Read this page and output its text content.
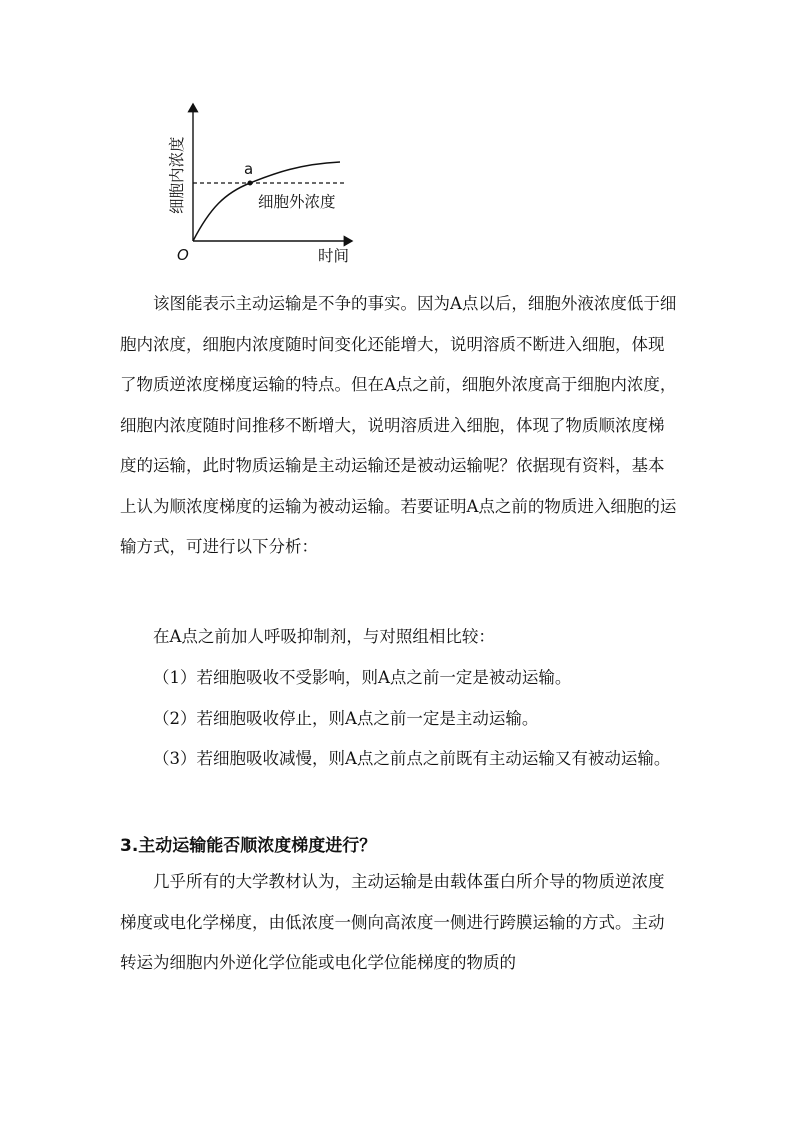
a
细胞外浓度
O	时间
细胞内浓度
该图能表示主动运输是不争的事实。因为A点以后，细胞外液浓度低于细胞内浓度，细胞内浓度随时间变化还能增大，说明溶质不断进入细胞，体现了物质逆浓度梯度运输的特点。但在A点之前，细胞外浓度高于细胞内浓度，细胞内浓度随时间推移不断增大，说明溶质进入细胞，体现了物质顺浓度梯度的运输，此时物质运输是主动运输还是被动运输呢？依据现有资料，基本上认为顺浓度梯度的运输为被动运输。若要证明A点之前的物质进入细胞的运输方式，可进行以下分析：
在A点之前加人呼吸抑制剂，与对照组相比较：

（1）若细胞吸收不受影响，则A点之前一定是被动运输。

（2）若细胞吸收停止，则A点之前一定是主动运输。

（3）若细胞吸收减慢，则A点之前点之前既有主动运输又有被动运输。

3.主动运输能否顺浓度梯度进行？
几乎所有的大学教材认为，主动运输是由载体蛋白所介导的物质逆浓度梯度或电化学梯度，由低浓度一侧向高浓度一侧进行跨膜运输的方式。主动转运为细胞内外逆化学位能或电化学位能梯度的物质的
